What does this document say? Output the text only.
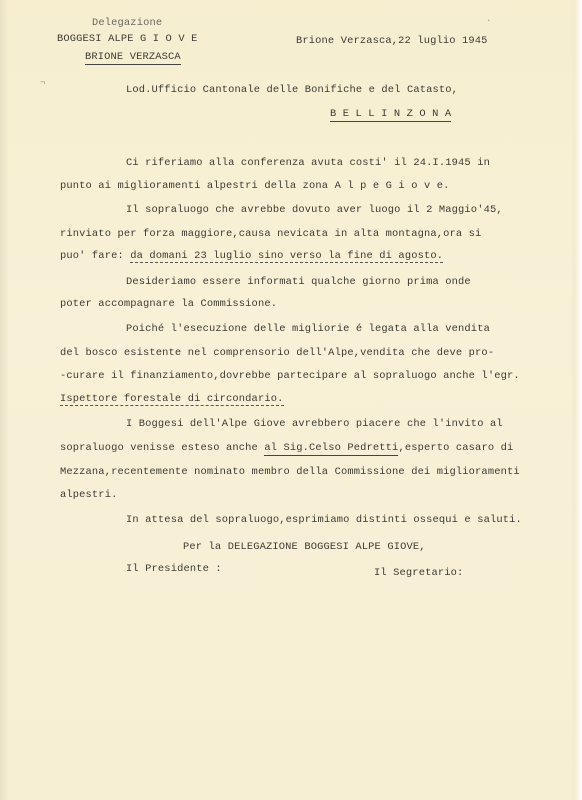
Delegazione
BOGGESI ALPE G I O V E
BRIONE VERZASCA
Brione Verzasca,22 luglio 1945
Lod.Ufficio Cantonale delle Bonifiche e del Catasto,
B E L L I N Z O N A
Ci riferiamo alla conferenza avuta costi' il 24.I.1945 in
punto ai miglioramenti alpestri della zona A l p e G i o v e.
Il sopraluogo che avrebbe dovuto aver luogo il 2 Maggio'45,
rinviato per forza maggiore,causa nevicata in alta montagna,ora si
puo' fare: da domani 23 luglio sino verso la fine di agosto.
Desideriamo essere informati qualche giorno prima onde
poter accompagnare la Commissione.
Poiché l'esecuzione delle migliorie é legata alla vendita
del bosco esistente nel comprensorio dell'Alpe,vendita che deve pro-
-curare il finanziamento,dovrebbe partecipare al sopraluogo anche l'egr.
Ispettore forestale di circondario.
I Boggesi dell'Alpe Giove avrebbero piacere che l'invito al
sopraluogo venisse esteso anche al Sig.Celso Pedretti,esperto casaro di
Mezzana,recentemente nominato membro della Commissione dei miglioramenti
alpestri.
In attesa del sopraluogo,esprimiamo distinti ossequi e saluti.
Per la DELEGAZIONE BOGGESI ALPE GIOVE,
Il Presidente :	Il Segretario:
¬
·
